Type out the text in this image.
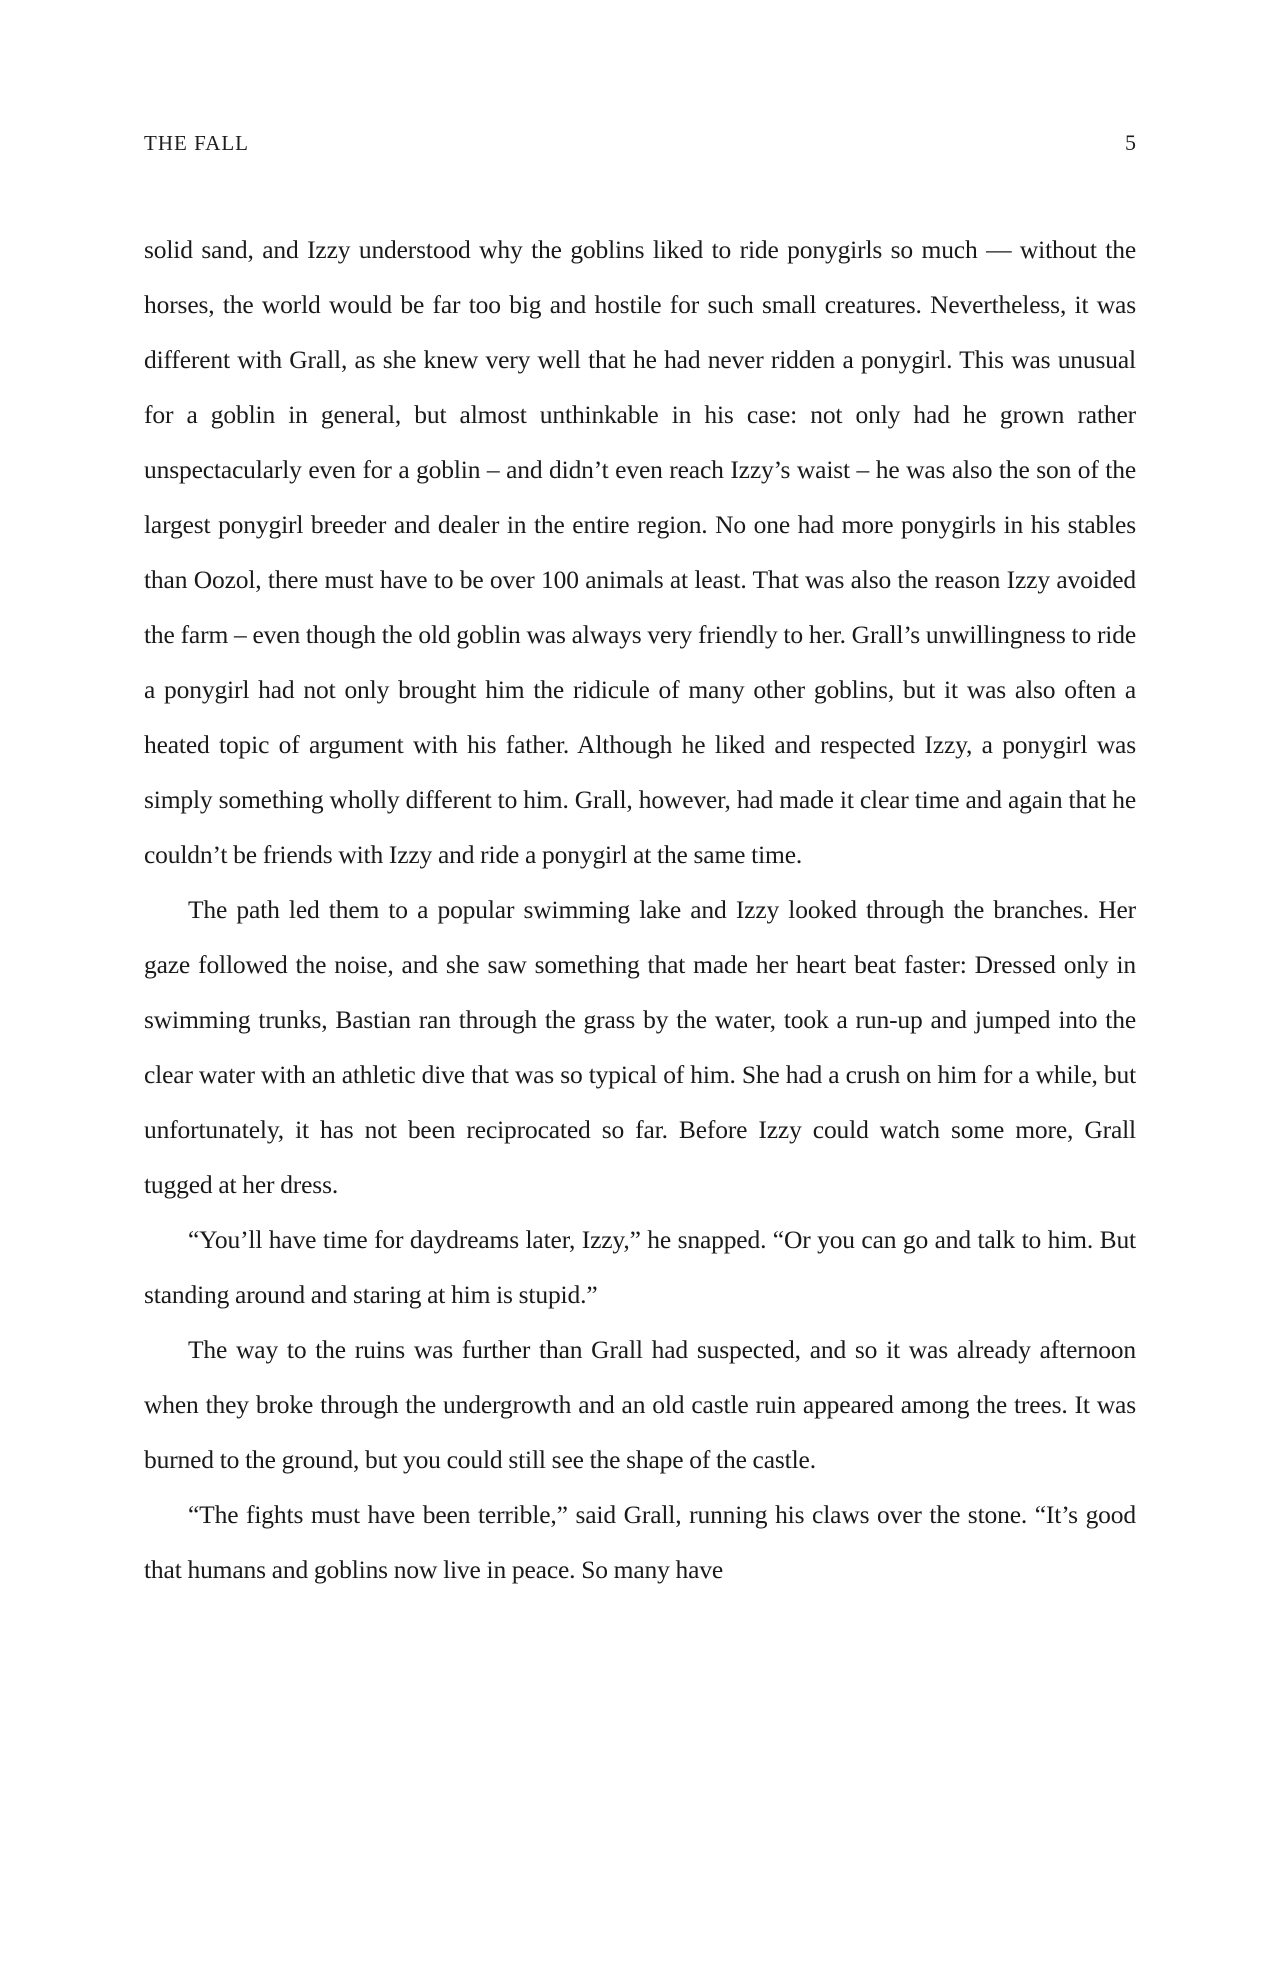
THE FALL	5

solid sand, and Izzy understood why the goblins liked to ride ponygirls so much — without the horses, the world would be far too big and hostile for such small creatures. Nevertheless, it was different with Grall, as she knew very well that he had never ridden a ponygirl. This was unusual for a goblin in general, but almost unthinkable in his case: not only had he grown rather unspectacularly even for a goblin – and didn’t even reach Izzy’s waist – he was also the son of the largest ponygirl breeder and dealer in the entire region. No one had more ponygirls in his stables than Oozol, there must have to be over 100 animals at least. That was also the reason Izzy avoided the farm – even though the old goblin was always very friendly to her. Grall’s unwillingness to ride a ponygirl had not only brought him the ridicule of many other goblins, but it was also often a heated topic of argument with his father. Although he liked and respected Izzy, a ponygirl was simply something wholly different to him. Grall, however, had made it clear time and again that he couldn’t be friends with Izzy and ride a ponygirl at the same time.

The path led them to a popular swimming lake and Izzy looked through the branches. Her gaze followed the noise, and she saw something that made her heart beat faster: Dressed only in swimming trunks, Bastian ran through the grass by the water, took a run-up and jumped into the clear water with an athletic dive that was so typical of him. She had a crush on him for a while, but unfortunately, it has not been reciprocated so far. Before Izzy could watch some more, Grall tugged at her dress.

“You’ll have time for daydreams later, Izzy,” he snapped. “Or you can go and talk to him. But standing around and staring at him is stupid.”

The way to the ruins was further than Grall had suspected, and so it was already afternoon when they broke through the undergrowth and an old castle ruin appeared among the trees. It was burned to the ground, but you could still see the shape of the castle.

“The fights must have been terrible,” said Grall, running his claws over the stone. “It’s good that humans and goblins now live in peace. So many have
